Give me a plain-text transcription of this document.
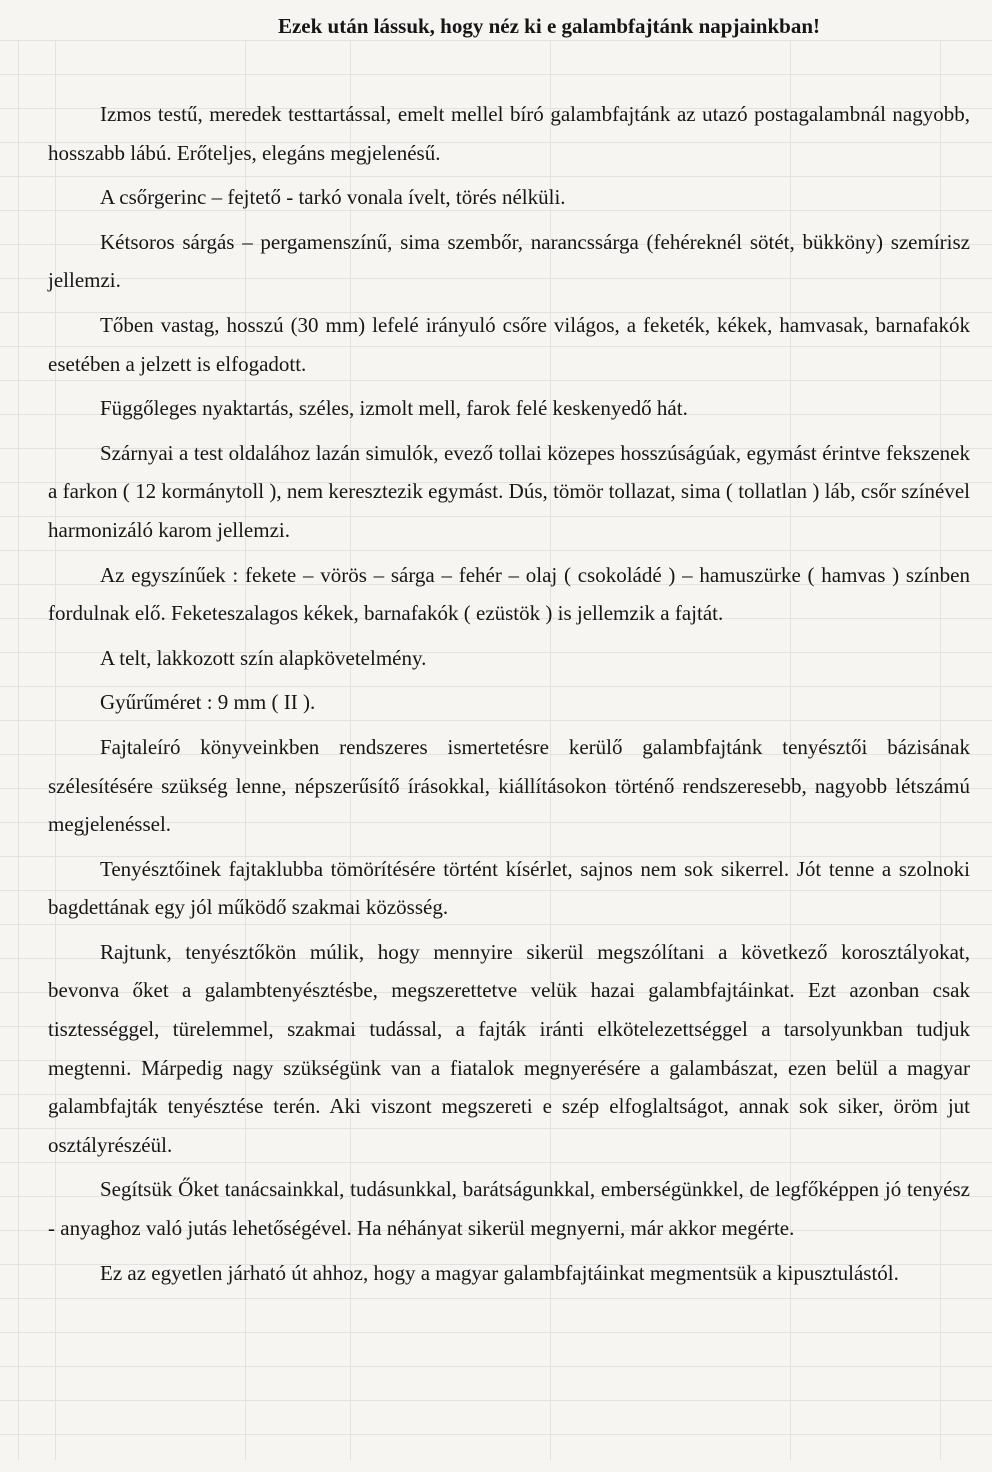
Ezek után lássuk, hogy néz ki e galambfajtánk napjainkban!

Izmos testű, meredek testtartással, emelt mellel bíró galambfajtánk az utazó postagalambnál nagyobb, hosszabb lábú. Erőteljes, elegáns megjelenésű.

A csőrgerinc – fejtető - tarkó vonala ívelt, törés nélküli.

Kétsoros sárgás – pergamenszínű, sima szembőr, narancssárga (fehéreknél sötét, bükköny) szemírisz jellemzi.

Tőben vastag, hosszú (30 mm) lefelé irányuló csőre világos, a feketék, kékek, hamvasak, barnafakók esetében a jelzett is elfogadott.

Függőleges nyaktartás, széles, izmolt mell, farok felé keskenyedő hát.

Szárnyai a test oldalához lazán simulók, evező tollai közepes hosszúságúak, egymást érintve fekszenek a farkon ( 12 kormánytoll ), nem keresztezik egymást. Dús, tömör tollazat, sima ( tollatlan ) láb, csőr színével harmonizáló karom jellemzi.

Az egyszínűek : fekete – vörös – sárga – fehér – olaj ( csokoládé ) – hamuszürke ( hamvas ) színben fordulnak elő. Feketeszalagos kékek, barnafakók ( ezüstök ) is jellemzik a fajtát.

A telt, lakkozott szín alapkövetelmény.

Gyűrűméret : 9 mm ( II ).

Fajtaleíró könyveinkben rendszeres ismertetésre kerülő galambfajtánk tenyésztői bázisának szélesítésére szükség lenne, népszerűsítő írásokkal, kiállításokon történő rendszeresebb, nagyobb létszámú megjelenéssel.

Tenyésztőinek fajtaklubba tömörítésére történt kísérlet, sajnos nem sok sikerrel. Jót tenne a szolnoki bagdettának egy jól működő szakmai közösség.

Rajtunk, tenyésztőkön múlik, hogy mennyire sikerül megszólítani a következő korosztályokat, bevonva őket a galambtenyésztésbe, megszerettetve velük hazai galambfajtáinkat. Ezt azonban csak tisztességgel, türelemmel, szakmai tudással, a fajták iránti elkötelezettséggel a tarsolyunkban tudjuk megtenni. Márpedig nagy szükségünk van a fiatalok megnyerésére a galambászat, ezen belül a magyar galambfajták tenyésztése terén. Aki viszont megszereti e szép elfoglaltságot, annak sok siker, öröm jut osztályrészéül.

Segítsük Őket tanácsainkkal, tudásunkkal, barátságunkkal, emberségünkkel, de legfőképpen jó tenyész - anyaghoz való jutás lehetőségével. Ha néhányat sikerül megnyerni, már akkor megérte.

Ez az egyetlen járható út ahhoz, hogy a magyar galambfajtáinkat megmentsük a kipusztulástól.
